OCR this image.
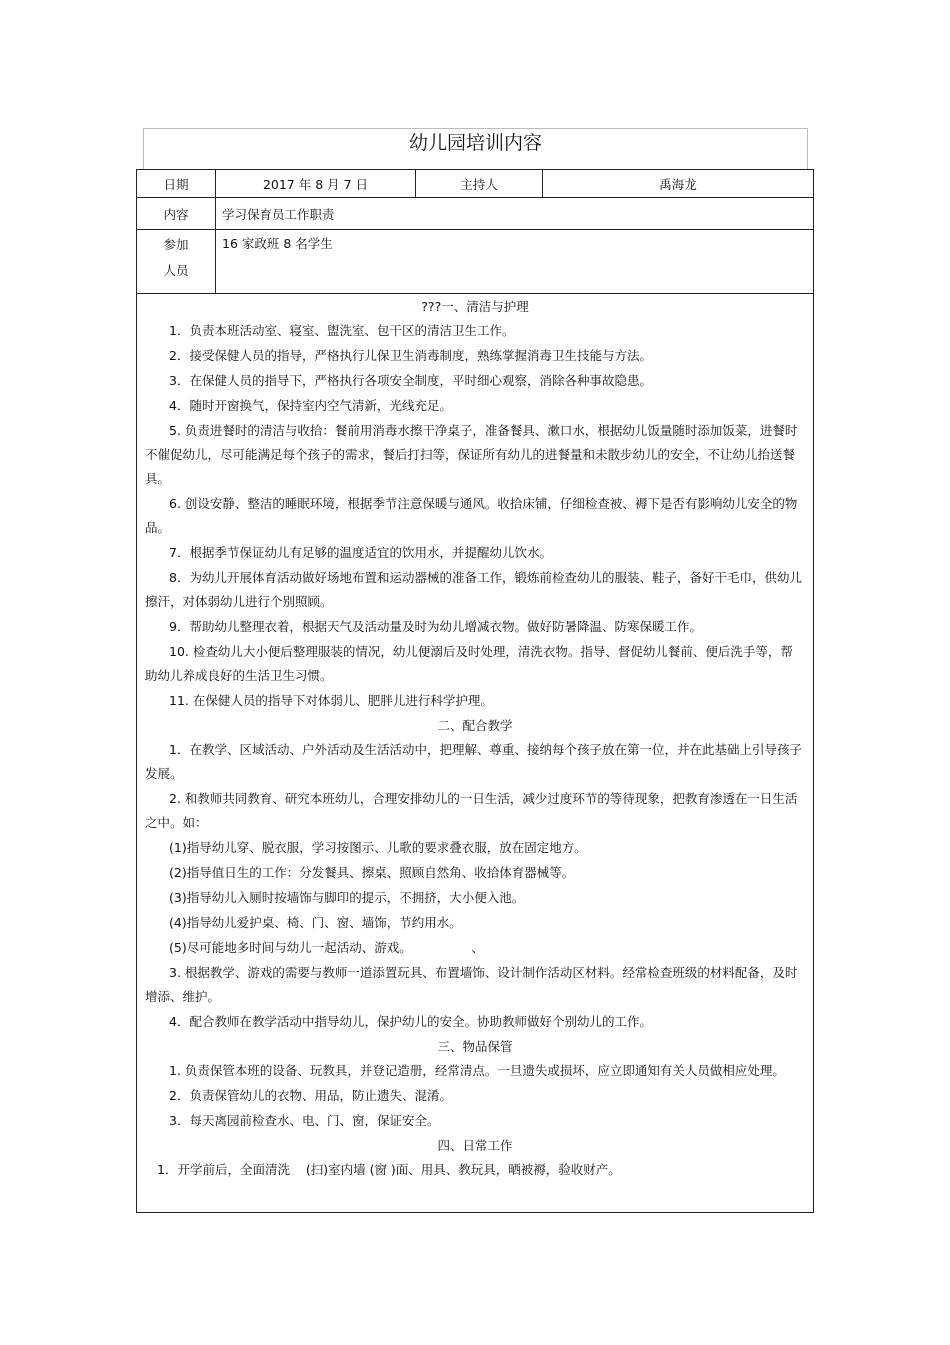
幼儿园培训内容
日期	2017 年 8 月 7 日	主持人	禹海龙
内容	学习保育员工作职责		

参加
人员	16 家政班 8 名学生		
???一、清洁与护理
1．负责本班活动室、寝室、盥洗室、包干区的清洁卫生工作。
2．接受保健人员的指导，严格执行儿保卫生消毒制度，熟练掌握消毒卫生技能与方法。
3．在保健人员的指导下，严格执行各项安全制度，平时细心观察，消除各种事故隐患。
4．随时开窗换气，保持室内空气清新，光线充足。
5. 负责进餐时的清洁与收拾：餐前用消毒水擦干净桌子，准备餐具、漱口水，根据幼儿饭量随时添加饭菜，进餐时不催促幼儿，尽可能满足每个孩子的需求，餐后打扫等，保证所有幼儿的进餐量和未散步幼儿的安全，不让幼儿抬送餐具。
6. 创设安静、整洁的睡眠环境，根据季节注意保暖与通风。收拾床铺，仔细检查被、褥下是否有影响幼儿安全的物品。
7．根据季节保证幼儿有足够的温度适宜的饮用水，并提醒幼儿饮水。
8．为幼儿开展体育活动做好场地布置和运动器械的准备工作，锻炼前检查幼儿的服装、鞋子，备好干毛巾，供幼儿擦汗，对体弱幼儿进行个别照顾。
9．帮助幼儿整理衣着，根据天气及活动量及时为幼儿增减衣物。做好防暑降温、防寒保暖工作。
10. 检查幼儿大小便后整理服装的情况，幼儿便溺后及时处理，清洗衣物。指导、督促幼儿餐前、便后洗手等，帮助幼儿养成良好的生活卫生习惯。
11. 在保健人员的指导下对体弱儿、肥胖儿进行科学护理。
二、配合教学
1．在教学、区域活动、户外活动及生活活动中，把理解、尊重、接纳每个孩子放在第一位，并在此基础上引导孩子发展。
2. 和教师共同教育、研究本班幼儿，合理安排幼儿的一日生活，减少过度环节的等待现象，把教育渗透在一日生活之中。如：
(1)指导幼儿穿、脱衣服，学习按图示、儿歌的要求叠衣服，放在固定地方。
(2)指导值日生的工作：分发餐具、擦桌、照顾自然角、收拾体育器械等。
(3)指导幼儿入厕时按墙饰与脚印的提示，不拥挤，大小便入池。
(4)指导幼儿爱护桌、椅、门、窗、墙饰，节约用水。
(5)尽可能地多时间与幼儿一起活动、游戏。               、
3. 根据教学、游戏的需要与教师一道添置玩具、布置墙饰、设计制作活动区材料。经常检查班级的材料配备，及时增添、维护。
4．配合教师在教学活动中指导幼儿，保护幼儿的安全。协助教师做好个别幼儿的工作。
三、物品保管
1. 负责保管本班的设备、玩教具，并登记造册，经常清点。一旦遗失或损坏，应立即通知有关人员做相应处理。
2．负责保管幼儿的衣物、用品，防止遗失、混淆。
3．每天离园前检查水、电、门、窗，保证安全。
四、日常工作
1．开学前后，全面清洗    (扫)室内墙 (窗 )面、用具、教玩具，晒被褥，验收财产。
